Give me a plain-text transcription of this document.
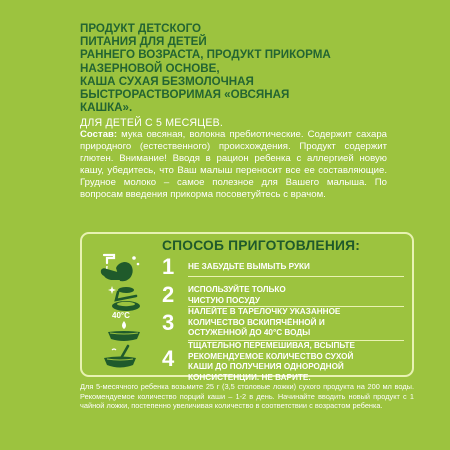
ПРОДУКТ ДЕТСКОГО
ПИТАНИЯ ДЛЯ ДЕТЕЙ
РАННЕГО ВОЗРАСТА, ПРОДУКТ ПРИКОРМА
НАЗЕРНОВОЙ ОСНОВЕ,
КАША СУХАЯ БЕЗМОЛОЧНАЯ
БЫСТРОРАСТВОРИМАЯ «ОВСЯНАЯ
КАШКА».
ДЛЯ ДЕТЕЙ С 5 МЕСЯЦЕВ.

Состав: мука овсяная, волокна пребиотические. Содержит сахара природного (естественного) происхождения. Продукт содержит глютен. Внимание! Вводя в рацион ребенка с аллергией новую кашу, убедитесь, что Ваш малыш переносит все ее составляющие. Грудное молоко – самое полезное для Вашего малыша. По вопросам введения прикорма посоветуйтесь с врачом.

СПОСОБ ПРИГОТОВЛЕНИЯ:
1 НЕ ЗАБУДЬТЕ ВЫМЫТЬ РУКИ
2 ИСПОЛЬЗУЙТЕ ТОЛЬКО
ЧИСТУЮ ПОСУДУ
40°С 3 НАЛЕЙТЕ В ТАРЕЛОЧКУ УКАЗАННОЕ
КОЛИЧЕСТВО ВСКИПЯЧЁННОЙ И
ОСТУЖЕННОЙ ДО 40°С ВОДЫ
4
ТЩАТЕЛЬНО ПЕРЕМЕШИВАЯ, ВСЫПЬТЕ
РЕКОМЕНДУЕМОЕ КОЛИЧЕСТВО СУХОЙ
КАШИ ДО ПОЛУЧЕНИЯ ОДНОРОДНОЙ
КОНСИСТЕНЦИИ. НЕ ВАРИТЕ.

Для 5-месячного ребенка возьмите 25 г (3,5 столовые ложки) сухого продукта на 200 мл воды. Рекомендуемое количество порций каши – 1-2 в день. Начинайте вводить новый продукт с 1 чайной ложки, постепенно увеличивая количество в соответствии с возрастом ребенка.
